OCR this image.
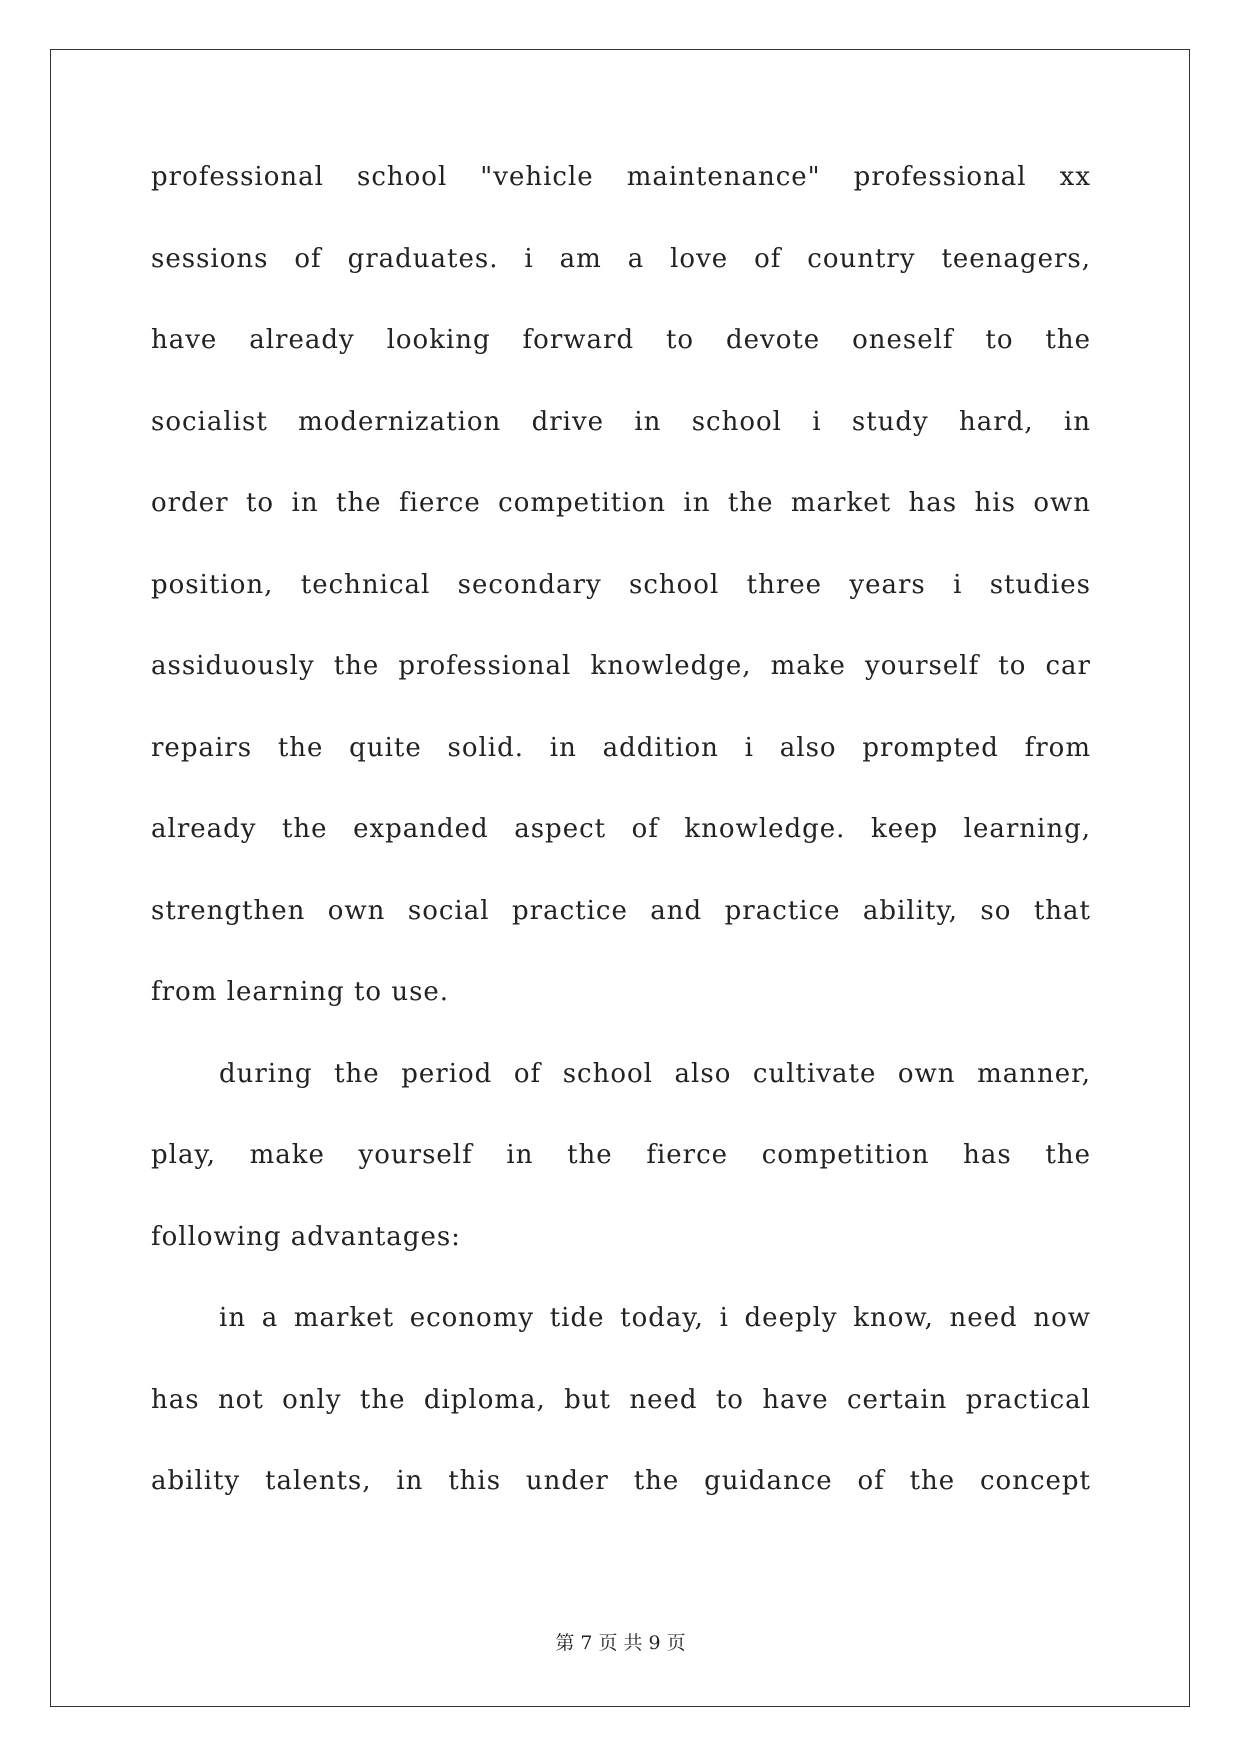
professional school "vehicle maintenance" professional xx
sessions of graduates. i am a love of country teenagers,
have already looking forward to devote oneself to the
socialist modernization drive in school i study hard, in
order to in the fierce competition in the market has his own
position, technical secondary school three years i studies
assiduously the professional knowledge, make yourself to car
repairs the quite solid. in addition i also prompted from
already the expanded aspect of knowledge. keep learning,
strengthen own social practice and practice ability, so that
from learning to use.
during the period of school also cultivate own manner,
play, make yourself in the fierce competition has the
following advantages:
in a market economy tide today, i deeply know, need now
has not only the diploma, but need to have certain practical
ability talents, in this under the guidance of the concept
第 7 页 共 9 页
